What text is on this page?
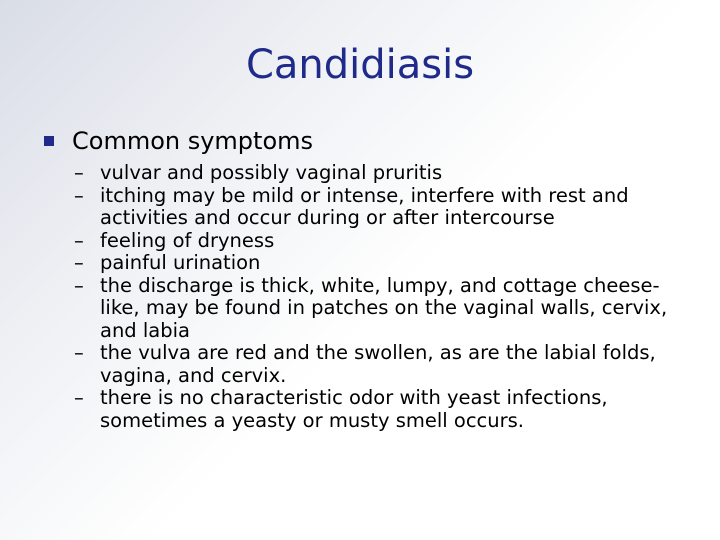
Candidiasis
Common symptoms
– vulvar and possibly vaginal pruritis
– itching may be mild or intense, interfere with rest and activities and occur during or after intercourse
– feeling of dryness
– painful urination
– the discharge is thick, white, lumpy, and cottage cheese-like, may be found in patches on the vaginal walls, cervix, and labia
– the vulva are red and the swollen, as are the labial folds, vagina, and cervix.
– there is no characteristic odor with yeast infections, sometimes a yeasty or musty smell occurs.
